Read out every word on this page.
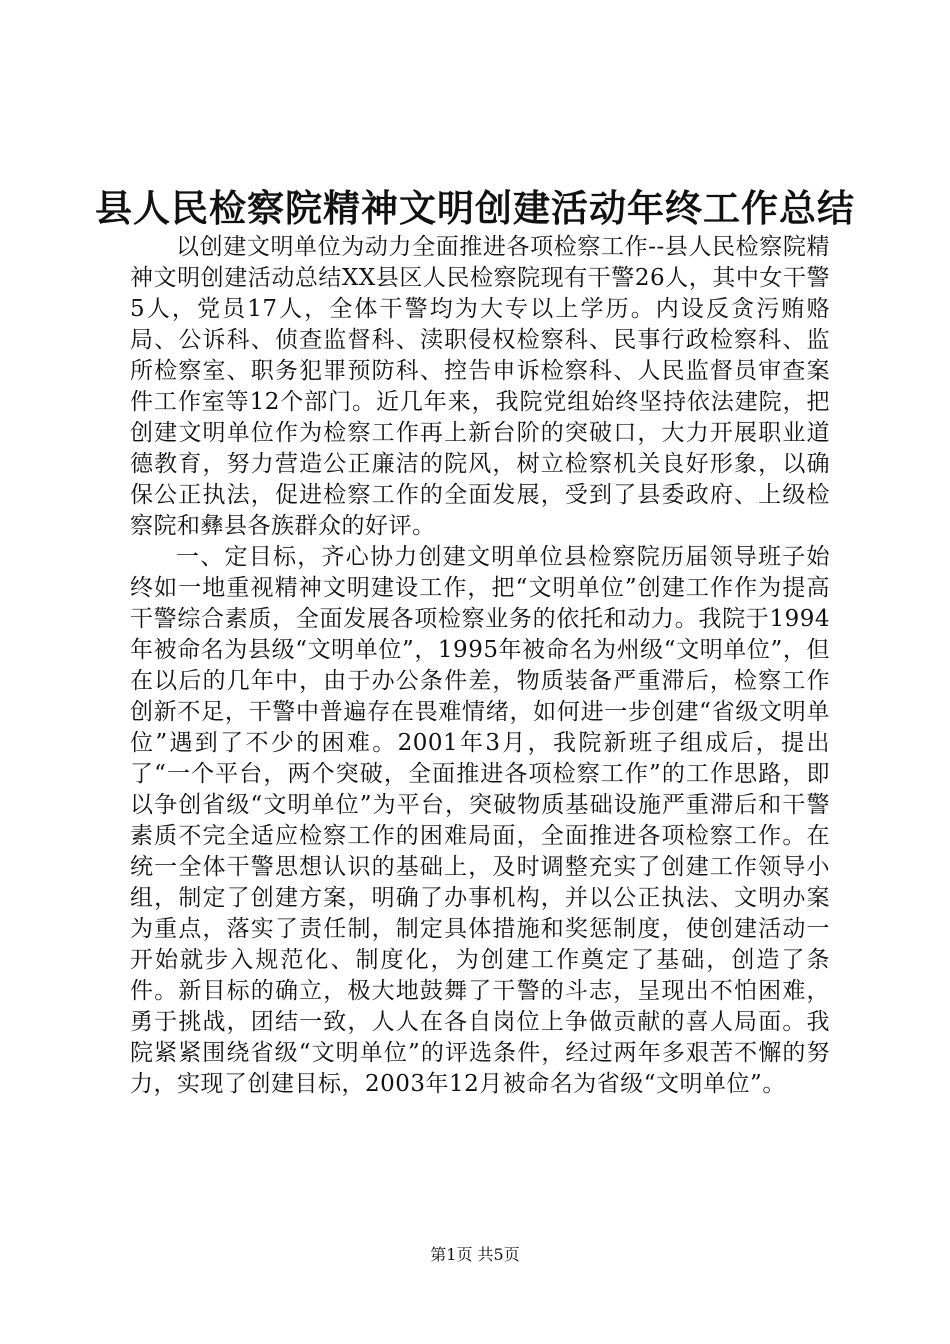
县人民检察院精神文明创建活动年终工作总结

以创建文明单位为动力全面推进各项检察工作--县人民检察院精神文明创建活动总结XX县区人民检察院现有干警26人，其中女干警5人，党员17人，全体干警均为大专以上学历。内设反贪污贿赂局、公诉科、侦查监督科、渎职侵权检察科、民事行政检察科、监所检察室、职务犯罪预防科、控告申诉检察科、人民监督员审查案件工作室等12个部门。近几年来，我院党组始终坚持依法建院，把创建文明单位作为检察工作再上新台阶的突破口，大力开展职业道德教育，努力营造公正廉洁的院风，树立检察机关良好形象，以确保公正执法，促进检察工作的全面发展，受到了县委政府、上级检察院和彝县各族群众的好评。

一、定目标，齐心协力创建文明单位县检察院历届领导班子始终如一地重视精神文明建设工作，把“文明单位”创建工作作为提高干警综合素质，全面发展各项检察业务的依托和动力。我院于1994年被命名为县级“文明单位”，1995年被命名为州级“文明单位”，但在以后的几年中，由于办公条件差，物质装备严重滞后，检察工作创新不足，干警中普遍存在畏难情绪，如何进一步创建“省级文明单位”遇到了不少的困难。2001年3月，我院新班子组成后，提出了“一个平台，两个突破，全面推进各项检察工作”的工作思路，即以争创省级“文明单位”为平台，突破物质基础设施严重滞后和干警素质不完全适应检察工作的困难局面，全面推进各项检察工作。在统一全体干警思想认识的基础上，及时调整充实了创建工作领导小组，制定了创建方案，明确了办事机构，并以公正执法、文明办案为重点，落实了责任制，制定具体措施和奖惩制度，使创建活动一开始就步入规范化、制度化，为创建工作奠定了基础，创造了条件。新目标的确立，极大地鼓舞了干警的斗志，呈现出不怕困难，勇于挑战，团结一致，人人在各自岗位上争做贡献的喜人局面。我院紧紧围绕省级“文明单位”的评选条件，经过两年多艰苦不懈的努力，实现了创建目标，2003年12月被命名为省级“文明单位”。

第1页 共5页
